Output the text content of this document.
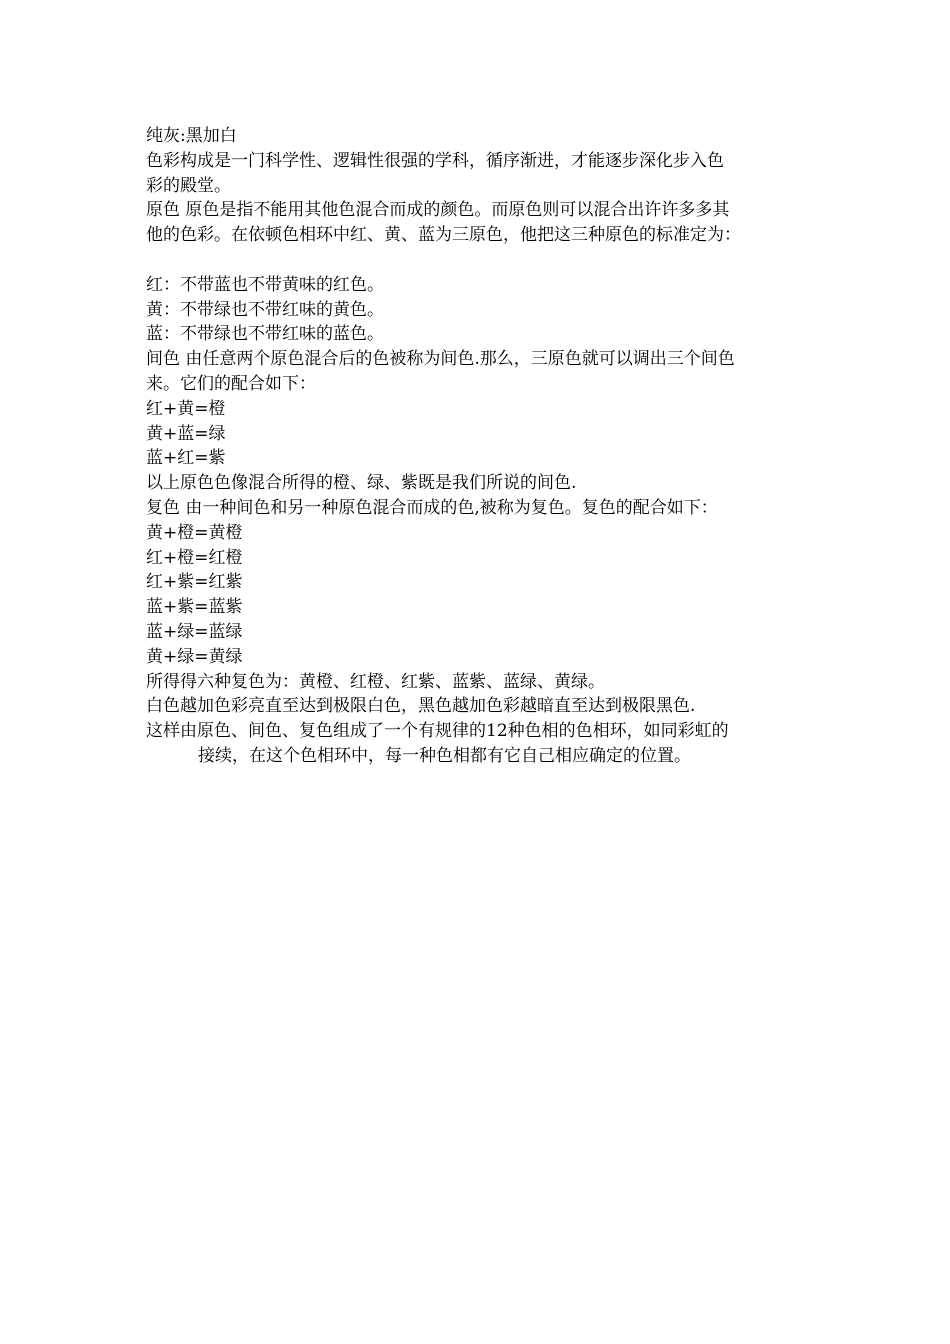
纯灰:黑加白
色彩构成是一门科学性、逻辑性很强的学科，循序渐进，才能逐步深化步入色
彩的殿堂。
原色 原色是指不能用其他色混合而成的颜色。而原色则可以混合出许许多多其
他的色彩。在依顿色相环中红、黄、蓝为三原色，他把这三种原色的标准定为：
红：不带蓝也不带黄味的红色。
黄：不带绿也不带红味的黄色。
蓝：不带绿也不带红味的蓝色。
间色 由任意两个原色混合后的色被称为间色.那么，三原色就可以调出三个间色
来。它们的配合如下：
红+黄=橙
黄+蓝=绿
蓝+红=紫
以上原色色像混合所得的橙、绿、紫既是我们所说的间色.
复色 由一种间色和另一种原色混合而成的色,被称为复色。复色的配合如下：
黄+橙=黄橙
红+橙=红橙
红+紫=红紫
蓝+紫=蓝紫
蓝+绿=蓝绿
黄+绿=黄绿
所得得六种复色为：黄橙、红橙、红紫、蓝紫、蓝绿、黄绿。
白色越加色彩亮直至达到极限白色，黑色越加色彩越暗直至达到极限黑色.
这样由原色、间色、复色组成了一个有规律的12种色相的色相环，如同彩虹的
接续，在这个色相环中，每一种色相都有它自己相应确定的位置。
